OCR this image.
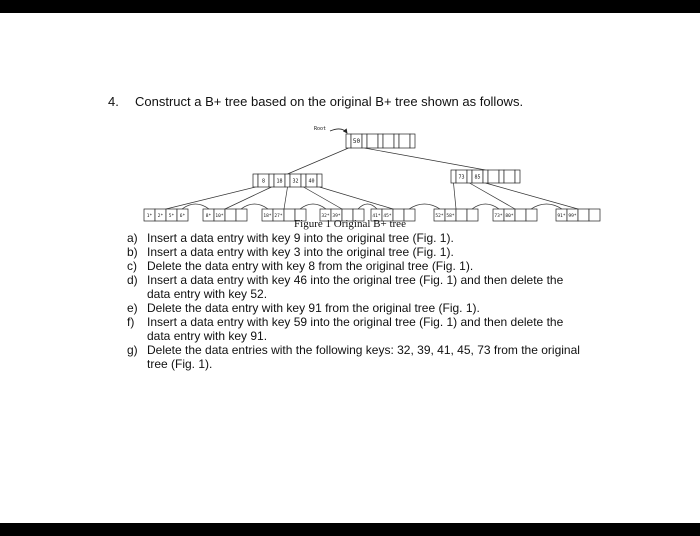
4. Construct a B+ tree based on the original B+ tree shown as follows.
Root
50
8 18 32 40
73 85
1* 2* 5* 6*	8* 10*	18* 27*	32* 39*	41* 45*	52* 58*	73* 80*	91* 99*
Figure 1 Original B+ tree
a) Insert a data entry with key 9 into the original tree (Fig. 1).
b) Insert a data entry with key 3 into the original tree (Fig. 1).
c) Delete the data entry with key 8 from the original tree (Fig. 1).
d) Insert a data entry with key 46 into the original tree (Fig. 1) and then delete the data entry with key 52.
e) Delete the data entry with key 91 from the original tree (Fig. 1).
f) Insert a data entry with key 59 into the original tree (Fig. 1) and then delete the data entry with key 91.
g) Delete the data entries with the following keys: 32, 39, 41, 45, 73 from the original tree (Fig. 1).
